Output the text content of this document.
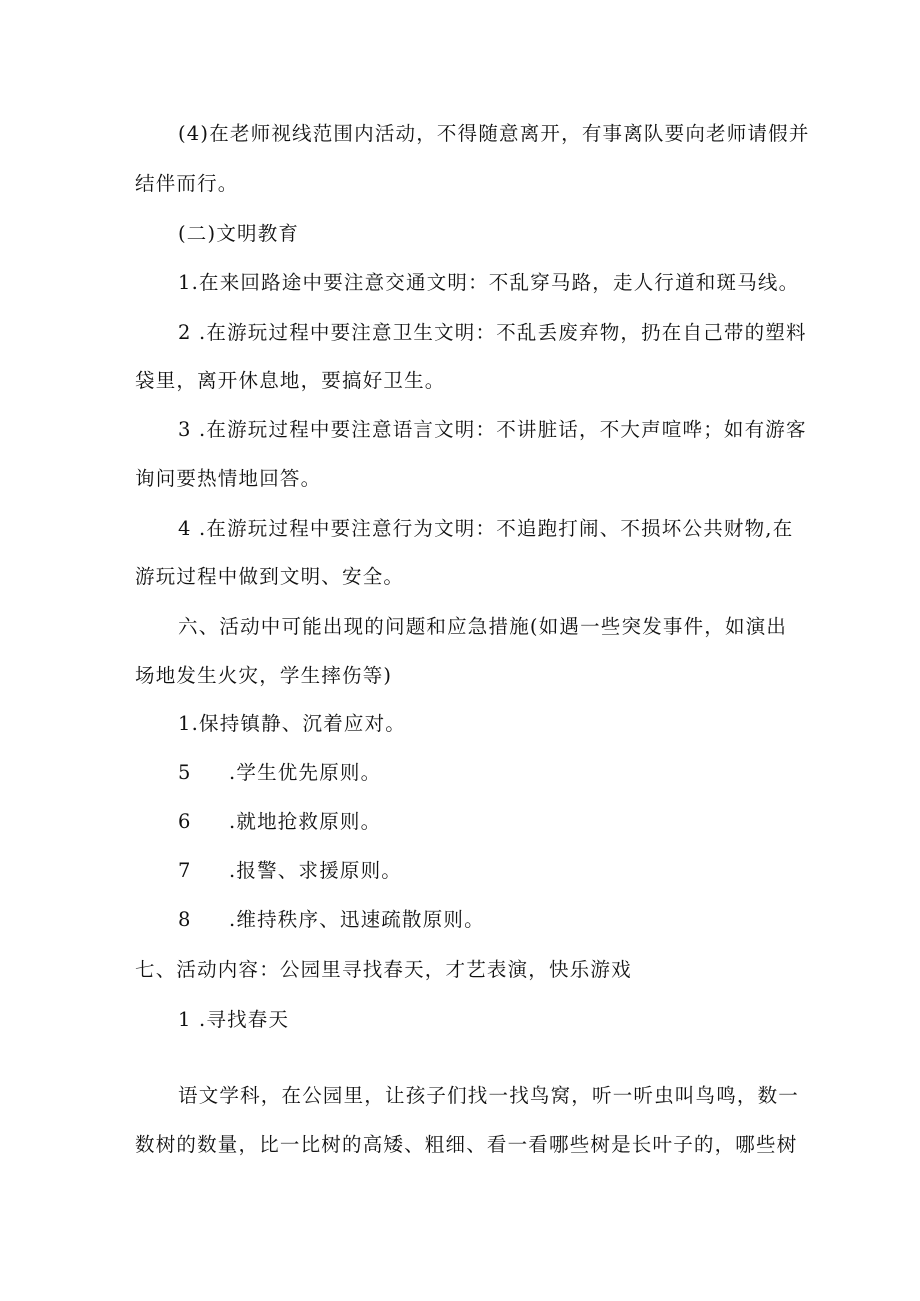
(4)在老师视线范围内活动，不得随意离开，有事离队要向老师请假并
结伴而行。
(二)文明教育
1.在来回路途中要注意交通文明：不乱穿马路，走人行道和斑马线。
2 .在游玩过程中要注意卫生文明：不乱丢废弃物，扔在自己带的塑料
袋里，离开休息地，要搞好卫生。
3 .在游玩过程中要注意语言文明：不讲脏话，不大声喧哗；如有游客
询问要热情地回答。
4 .在游玩过程中要注意行为文明：不追跑打闹、不损坏公共财物,在
游玩过程中做到文明、安全。
六、活动中可能出现的问题和应急措施(如遇一些突发事件，如演出
场地发生火灾，学生摔伤等)
1.保持镇静、沉着应对。
5 .学生优先原则。
6 .就地抢救原则。
7 .报警、求援原则。
8 .维持秩序、迅速疏散原则。
七、活动内容：公园里寻找春天，才艺表演，快乐游戏
1 .寻找春天
语文学科，在公园里，让孩子们找一找鸟窝，听一听虫叫鸟鸣，数一
数树的数量，比一比树的高矮、粗细、看一看哪些树是长叶子的，哪些树
